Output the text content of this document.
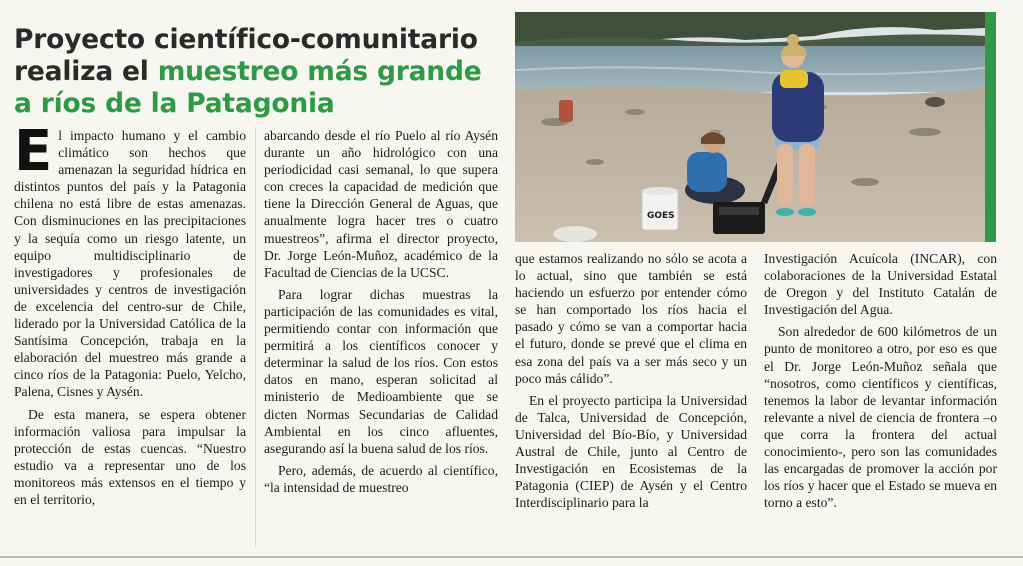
Proyecto científico-comunitario realiza el muestreo más grande a ríos de la Patagonia
GOES

El impacto humano y el cambio climático son hechos que amenazan la seguridad hídrica en distintos puntos del país y la Patagonia chilena no está libre de estas amenazas. Con disminuciones en las precipitaciones y la sequía como un riesgo latente, un equipo multidisciplinario de investigadores y profesionales de universidades y centros de investigación de excelencia del centro-sur de Chile, liderado por la Universidad Católica de la Santísima Concepción, trabaja en la elaboración del muestreo más grande a cinco ríos de la Patagonia: Puelo, Yelcho, Palena, Cisnes y Aysén.

De esta manera, se espera obtener información valiosa para impulsar la protección de estas cuencas. “Nuestro estudio va a representar uno de los monitoreos más extensos en el tiempo y en el territorio,

abarcando desde el río Puelo al río Aysén durante un año hidrológico con una periodicidad casi semanal, lo que supera con creces la capacidad de medición que tiene la Dirección General de Aguas, que anualmente logra hacer tres o cuatro muestreos”, afirma el director proyecto, Dr. Jorge León-Muñoz, académico de la Facultad de Ciencias de la UCSC.

Para lograr dichas muestras la participación de las comunidades es vital, permitiendo contar con información que permitirá a los científicos conocer y determinar la salud de los ríos. Con estos datos en mano, esperan solicitad al ministerio de Medioambiente que se dicten Normas Secundarias de Calidad Ambiental en los cinco afluentes, asegurando así la buena salud de los ríos.

Pero, además, de acuerdo al científico, “la intensidad de muestreo

que estamos realizando no sólo se acota a lo actual, sino que también se está haciendo un esfuerzo por entender cómo se han comportado los ríos hacia el pasado y cómo se van a comportar hacia el futuro, donde se prevé que el clima en esa zona del país va a ser más seco y un poco más cálido”.

En el proyecto participa la Universidad de Talca, Universidad de Concepción, Universidad del Bío-Bío, y Universidad Austral de Chile, junto al Centro de Investigación en Ecosistemas de la Patagonia (CIEP) de Aysén y el Centro Interdisciplinario para la

Investigación Acuícola (INCAR), con colaboraciones de la Universidad Estatal de Oregon y del Instituto Catalán de Investigación del Agua.

Son alrededor de 600 kilómetros de un punto de monitoreo a otro, por eso es que el Dr. Jorge León-Muñoz señala que “nosotros, como científicos y científicas, tenemos la labor de levantar información relevante a nivel de ciencia de frontera –o que corra la frontera del actual conocimiento-, pero son las comunidades las encargadas de promover la acción por los ríos y hacer que el Estado se mueva en torno a esto”.
